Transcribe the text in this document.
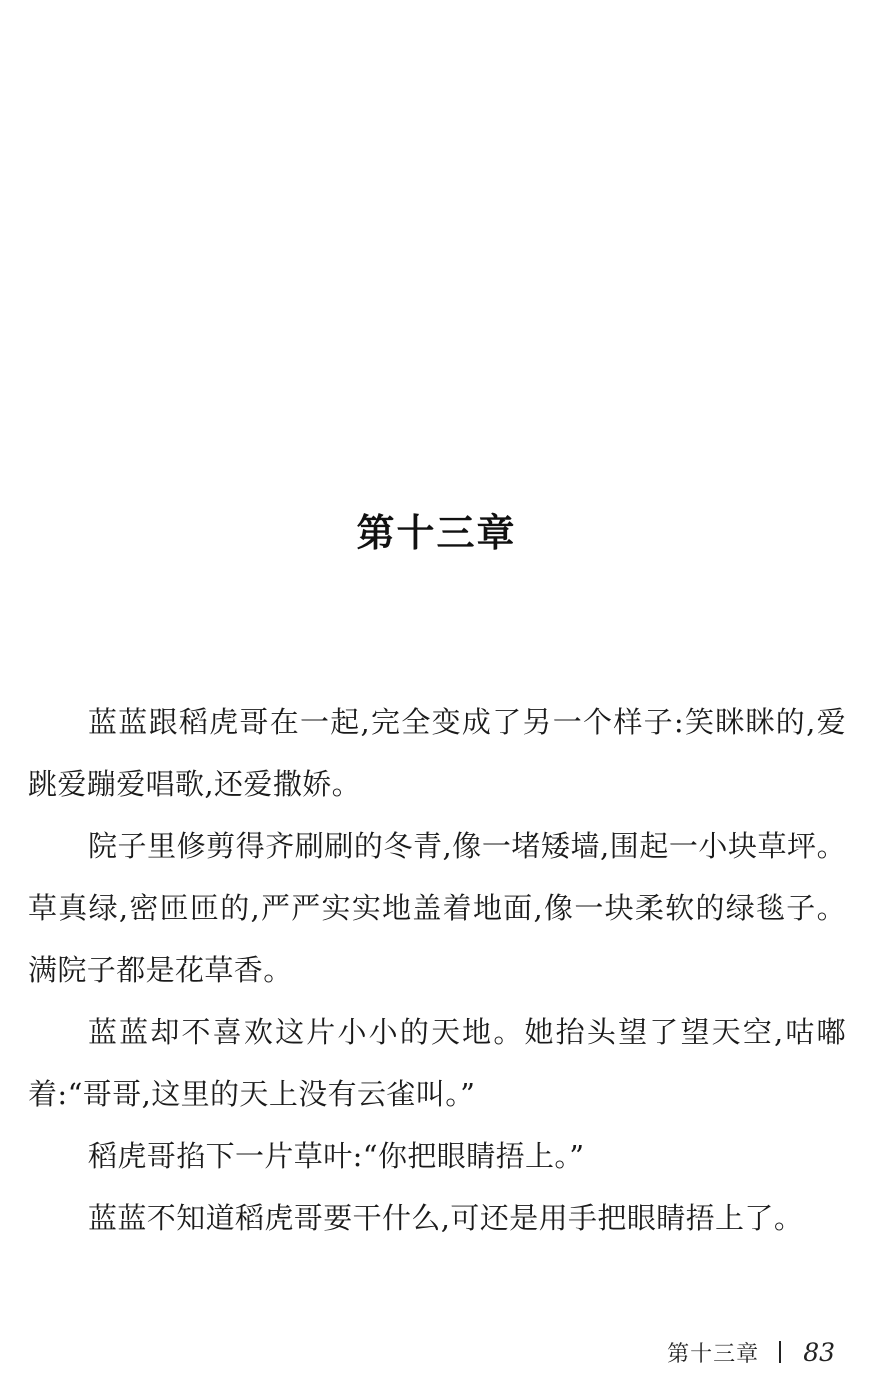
第十三章

蓝蓝跟稻虎哥在一起,完全变成了另一个样子:笑眯眯的,爱跳爱蹦爱唱歌,还爱撒娇。

院子里修剪得齐刷刷的冬青,像一堵矮墙,围起一小块草坪。草真绿,密匝匝的,严严实实地盖着地面,像一块柔软的绿毯子。满院子都是花草香。

蓝蓝却不喜欢这片小小的天地。她抬头望了望天空,咕嘟着:“哥哥,这里的天上没有云雀叫。”

稻虎哥掐下一片草叶:“你把眼睛捂上。”

蓝蓝不知道稻虎哥要干什么,可还是用手把眼睛捂上了。

第十三章 83
